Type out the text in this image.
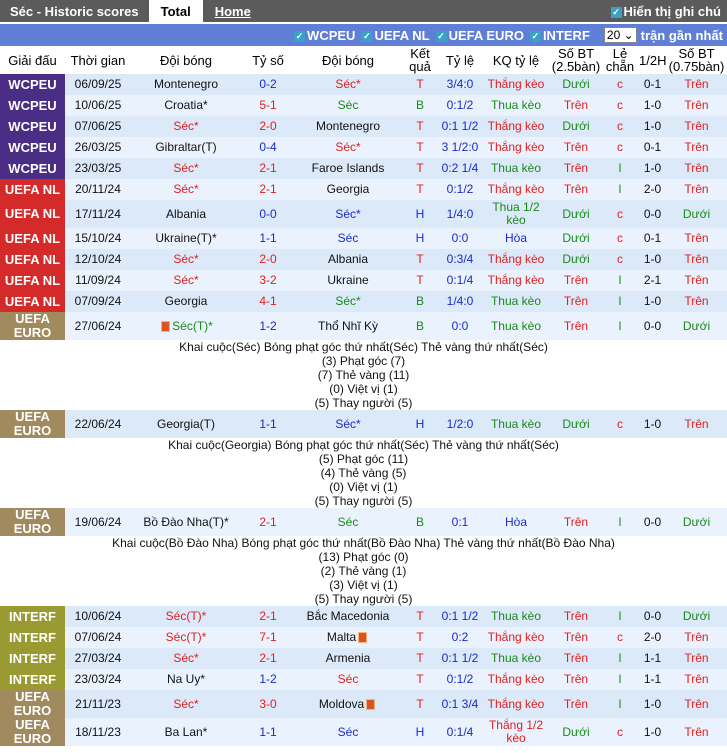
Séc - Historic scores	Total	Home	✓ Hiển thị ghi chú
✓ WCPEU ✓ UEFA NL ✓ UEFA EURO ✓ INTERF 20 ⌄ trận gần nhất
Giải đấu	Thời gian	Đội bóng	Tỷ số	Đội bóng	Kết quả	Tỷ lệ	KQ tỷ lệ	Số BT (2.5bàn)	Lẻ chẵn	1/2H	Số BT (0.75bàn)
WCPEU	06/09/25	Montenegro	0-2	Séc*	T	3/4:0	Thắng kèo	Dưới	c	0-1	Trên
WCPEU	10/06/25	Croatia*	5-1	Séc	B	0:1/2	Thua kèo	Trên	c	1-0	Trên
WCPEU	07/06/25	Séc*	2-0	Montenegro	T	0:1 1/2	Thắng kèo	Dưới	c	1-0	Trên
WCPEU	26/03/25	Gibraltar(T)	0-4	Séc*	T	3 1/2:0	Thắng kèo	Trên	c	0-1	Trên
WCPEU	23/03/25	Séc*	2-1	Faroe Islands	T	0:2 1/4	Thua kèo	Trên	l	1-0	Trên
UEFA NL	20/11/24	Séc*	2-1	Georgia	T	0:1/2	Thắng kèo	Trên	l	2-0	Trên
UEFA NL	17/11/24	Albania	0-0	Séc*	H	1/4:0	Thua 1/2 kèo	Dưới	c	0-0	Dưới
UEFA NL	15/10/24	Ukraine(T)*	1-1	Séc	H	0:0	Hòa	Dưới	c	0-1	Trên
UEFA NL	12/10/24	Séc*	2-0	Albania	T	0:3/4	Thắng kèo	Dưới	c	1-0	Trên
UEFA NL	11/09/24	Séc*	3-2	Ukraine	T	0:1/4	Thắng kèo	Trên	l	2-1	Trên
UEFA NL	07/09/24	Georgia	4-1	Séc*	B	1/4:0	Thua kèo	Trên	l	1-0	Trên
UEFA EURO	27/06/24	Séc(T)*	1-2	Thổ Nhĩ Kỳ	B	0:0	Thua kèo	Trên	l	0-0	Dưới

Khai cuộc(Séc) Bóng phạt góc thứ nhất(Séc) Thẻ vàng thứ nhất(Séc)
(3) Phạt góc (7)
(7) Thẻ vàng (11)
(0) Việt vị (1)
(5) Thay người (5)											

UEFA EURO	22/06/24	Georgia(T)	1-1	Séc*	H	1/2:0	Thua kèo	Dưới	c	1-0	Trên

Khai cuộc(Georgia) Bóng phạt góc thứ nhất(Séc) Thẻ vàng thứ nhất(Séc)
(5) Phạt góc (11)
(4) Thẻ vàng (5)
(0) Việt vị (1)
(5) Thay người (5)											

UEFA EURO	19/06/24	Bồ Đào Nha(T)*	2-1	Séc	B	0:1	Hòa	Trên	l	0-0	Dưới

Khai cuộc(Bồ Đào Nha) Bóng phạt góc thứ nhất(Bồ Đào Nha) Thẻ vàng thứ nhất(Bồ Đào Nha)
(13) Phạt góc (0)
(2) Thẻ vàng (1)
(3) Việt vị (1)
(5) Thay người (5)											

INTERF	10/06/24	Séc(T)*	2-1	Bắc Macedonia	T	0:1 1/2	Thua kèo	Trên	l	0-0	Dưới
INTERF	07/06/24	Séc(T)*	7-1	Malta	T	0:2	Thắng kèo	Trên	c	2-0	Trên
INTERF	27/03/24	Séc*	2-1	Armenia	T	0:1 1/2	Thua kèo	Trên	l	1-1	Trên
INTERF	23/03/24	Na Uy*	1-2	Séc	T	0:1/2	Thắng kèo	Trên	l	1-1	Trên
UEFA EURO	21/11/23	Séc*	3-0	Moldova	T	0:1 3/4	Thắng kèo	Trên	l	1-0	Trên
UEFA EURO	18/11/23	Ba Lan*	1-1	Séc	H	0:1/4	Thắng 1/2 kèo	Dưới	c	1-0	Trên
